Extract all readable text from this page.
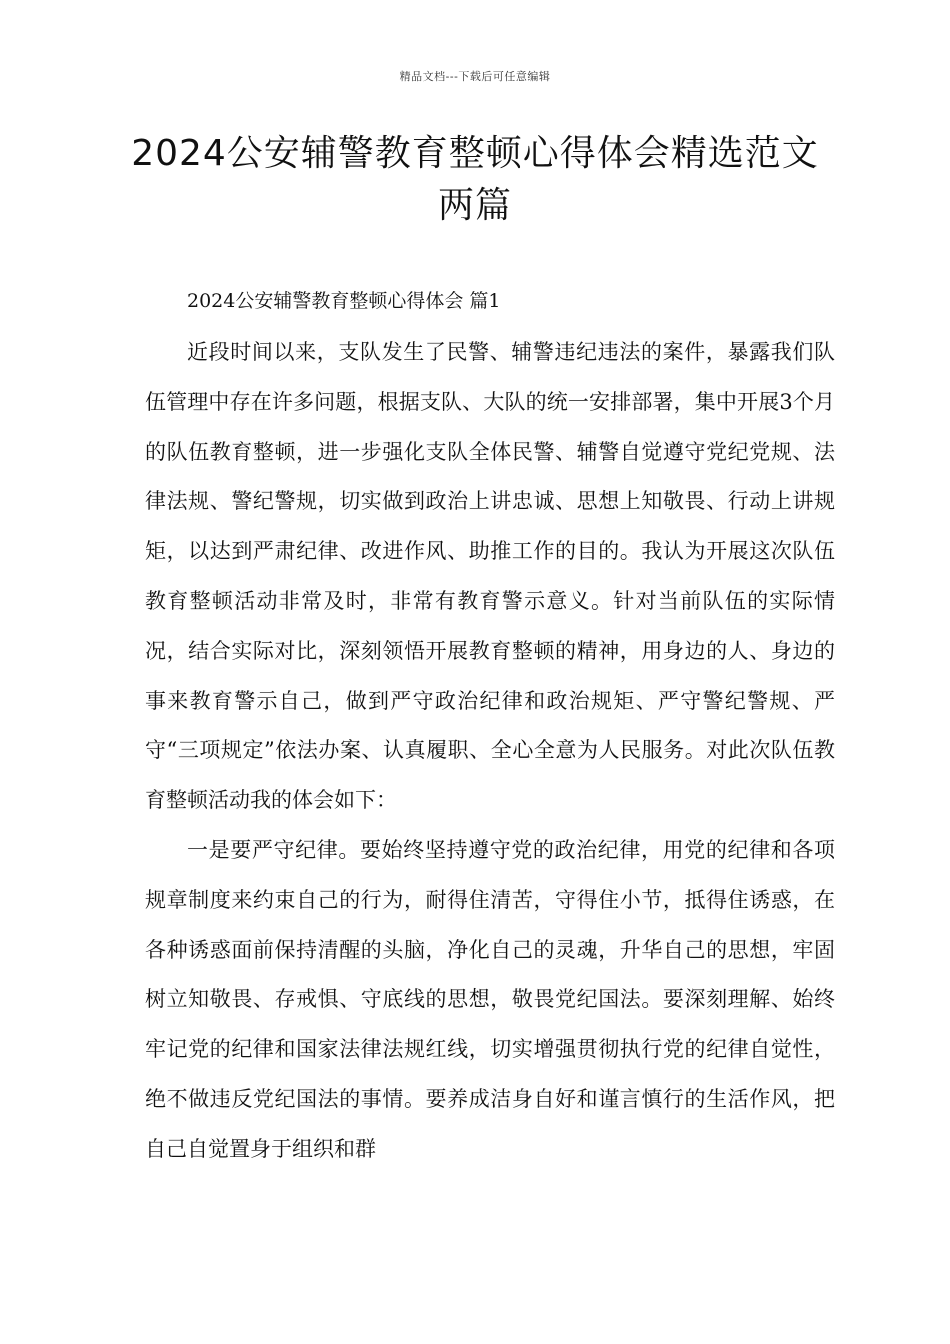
精品文档---下载后可任意编辑
2024公安辅警教育整顿心得体会精选范文两篇
2024公安辅警教育整顿心得体会 篇1

近段时间以来，支队发生了民警、辅警违纪违法的案件，暴露我们队伍管理中存在许多问题，根据支队、大队的统一安排部署，集中开展3个月的队伍教育整顿，进一步强化支队全体民警、辅警自觉遵守党纪党规、法律法规、警纪警规，切实做到政治上讲忠诚、思想上知敬畏、行动上讲规矩，以达到严肃纪律、改进作风、助推工作的目的。我认为开展这次队伍教育整顿活动非常及时，非常有教育警示意义。针对当前队伍的实际情况，结合实际对比，深刻领悟开展教育整顿的精神，用身边的人、身边的事来教育警示自己，做到严守政治纪律和政治规矩、严守警纪警规、严守“三项规定”依法办案、认真履职、全心全意为人民服务。对此次队伍教育整顿活动我的体会如下：

一是要严守纪律。要始终坚持遵守党的政治纪律，用党的纪律和各项规章制度来约束自己的行为，耐得住清苦，守得住小节，抵得住诱惑，在各种诱惑面前保持清醒的头脑，净化自己的灵魂，升华自己的思想，牢固树立知敬畏、存戒惧、守底线的思想，敬畏党纪国法。要深刻理解、始终牢记党的纪律和国家法律法规红线，切实增强贯彻执行党的纪律自觉性，绝不做违反党纪国法的事情。要养成洁身自好和谨言慎行的生活作风，把自己自觉置身于组织和群
